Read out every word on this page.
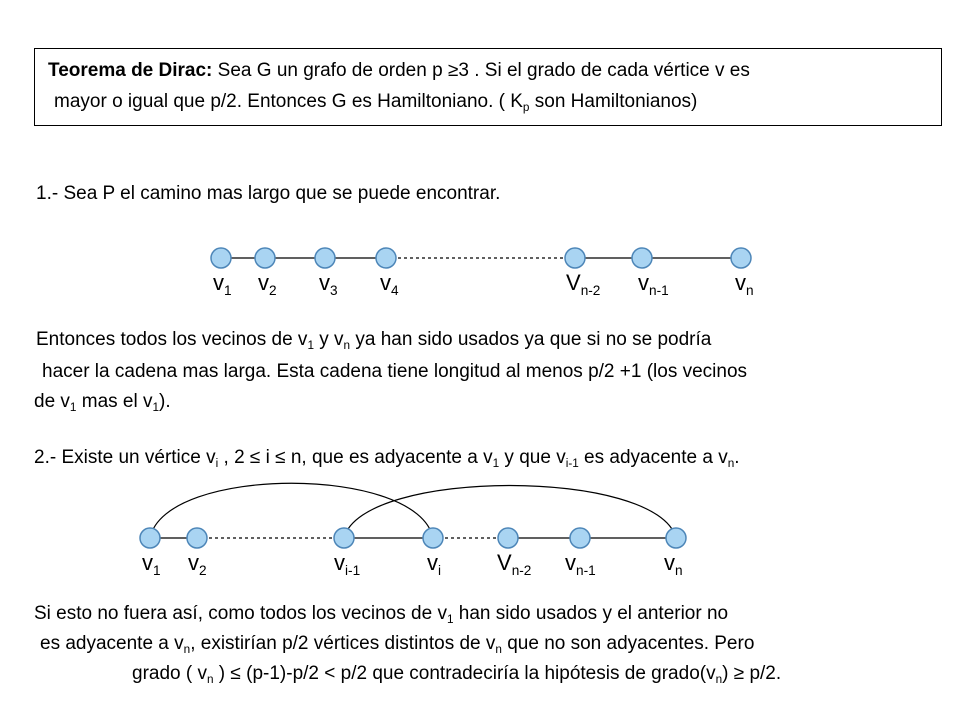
Teorema de Dirac: Sea G un grafo de orden p ≥3 . Si el grado de cada vértice v es
mayor o igual que p/2. Entonces G es Hamiltoniano. ( $K_p$ son Hamiltonianos)
1.- Sea P el camino mas largo que se puede encontrar.
$v_1$ $v_2$ $v_3$ $v_4$	$V_{n-2}$ $v_{n-1}$	$v_n$
Entonces todos los vecinos de $v_1$ y $v_n$ ya han sido usados ya que si no se podría
hacer la cadena mas larga. Esta cadena tiene longitud al menos p/2 +1 (los vecinos
de $v_1$ mas el $v_1$).
2.- Existe un vértice $v_i$ , 2 ≤ i ≤ n, que es adyacente a $v_1$ y que $v_{i-1}$ es adyacente a $v_n$.
$v_1$ $v_2$	$v_{i-1}$	$v_i$	$V_{n-2}$ $v_{n-1}$	$v_n$
Si esto no fuera así, como todos los vecinos de $v_1$ han sido usados y el anterior no
es adyacente a $v_n$, existirían p/2 vértices distintos de $v_n$ que no son adyacentes. Pero
grado ( $v_n$ ) ≤ (p-1)-p/2 < p/2 que contradeciría la hipótesis de $grado(v_n) \ge p/2$.
